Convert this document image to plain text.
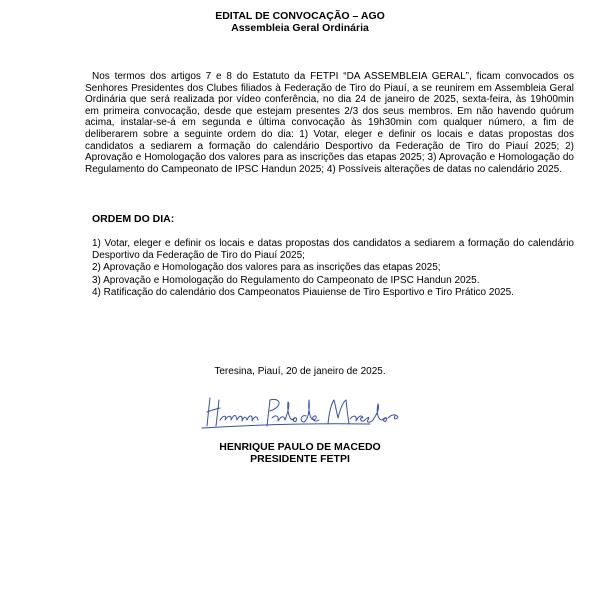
EDITAL DE CONVOCAÇÃO – AGO
Assembleia Geral Ordinária
Nos termos dos artigos 7 e 8 do Estatuto da FETPI “DA ASSEMBLEIA GERAL”, ficam convocados os Senhores Presidentes dos Clubes filiados à Federação de Tiro do Piauí, a se reunirem em Assembleia Geral Ordinária que será realizada por vídeo conferência, no dia 24 de janeiro de 2025, sexta-feira, às 19h00min em primeira convocação, desde que estejam presentes 2/3 dos seus membros. Em não havendo quórum acima, instalar-se-á em segunda e última convocação às 19h30min com qualquer número, a fim de deliberarem sobre a seguinte ordem do dia: 1) Votar, eleger e definir os locais e datas propostas dos candidatos a sediarem a formação do calendário Desportivo da Federação de Tiro do Piauí 2025; 2) Aprovação e Homologação dos valores para as inscrições das etapas 2025; 3) Aprovação e Homologação do Regulamento do Campeonato de IPSC Handun 2025; 4) Possíveis alterações de datas no calendário 2025.
ORDEM DO DIA:

1) Votar, eleger e definir os locais e datas propostas dos candidatos a sediarem a formação do calendário Desportivo da Federação de Tiro do Piauí 2025;

2) Aprovação e Homologação dos valores para as inscrições das etapas 2025;

3) Aprovação e Homologação do Regulamento do Campeonato de IPSC Handun 2025.

4) Ratificação do calendário dos Campeonatos Piauiense de Tiro Esportivo e Tiro Prático 2025.

Teresina, Piauí, 20 de janeiro de 2025.
HENRIQUE PAULO DE MACEDO
PRESIDENTE FETPI
